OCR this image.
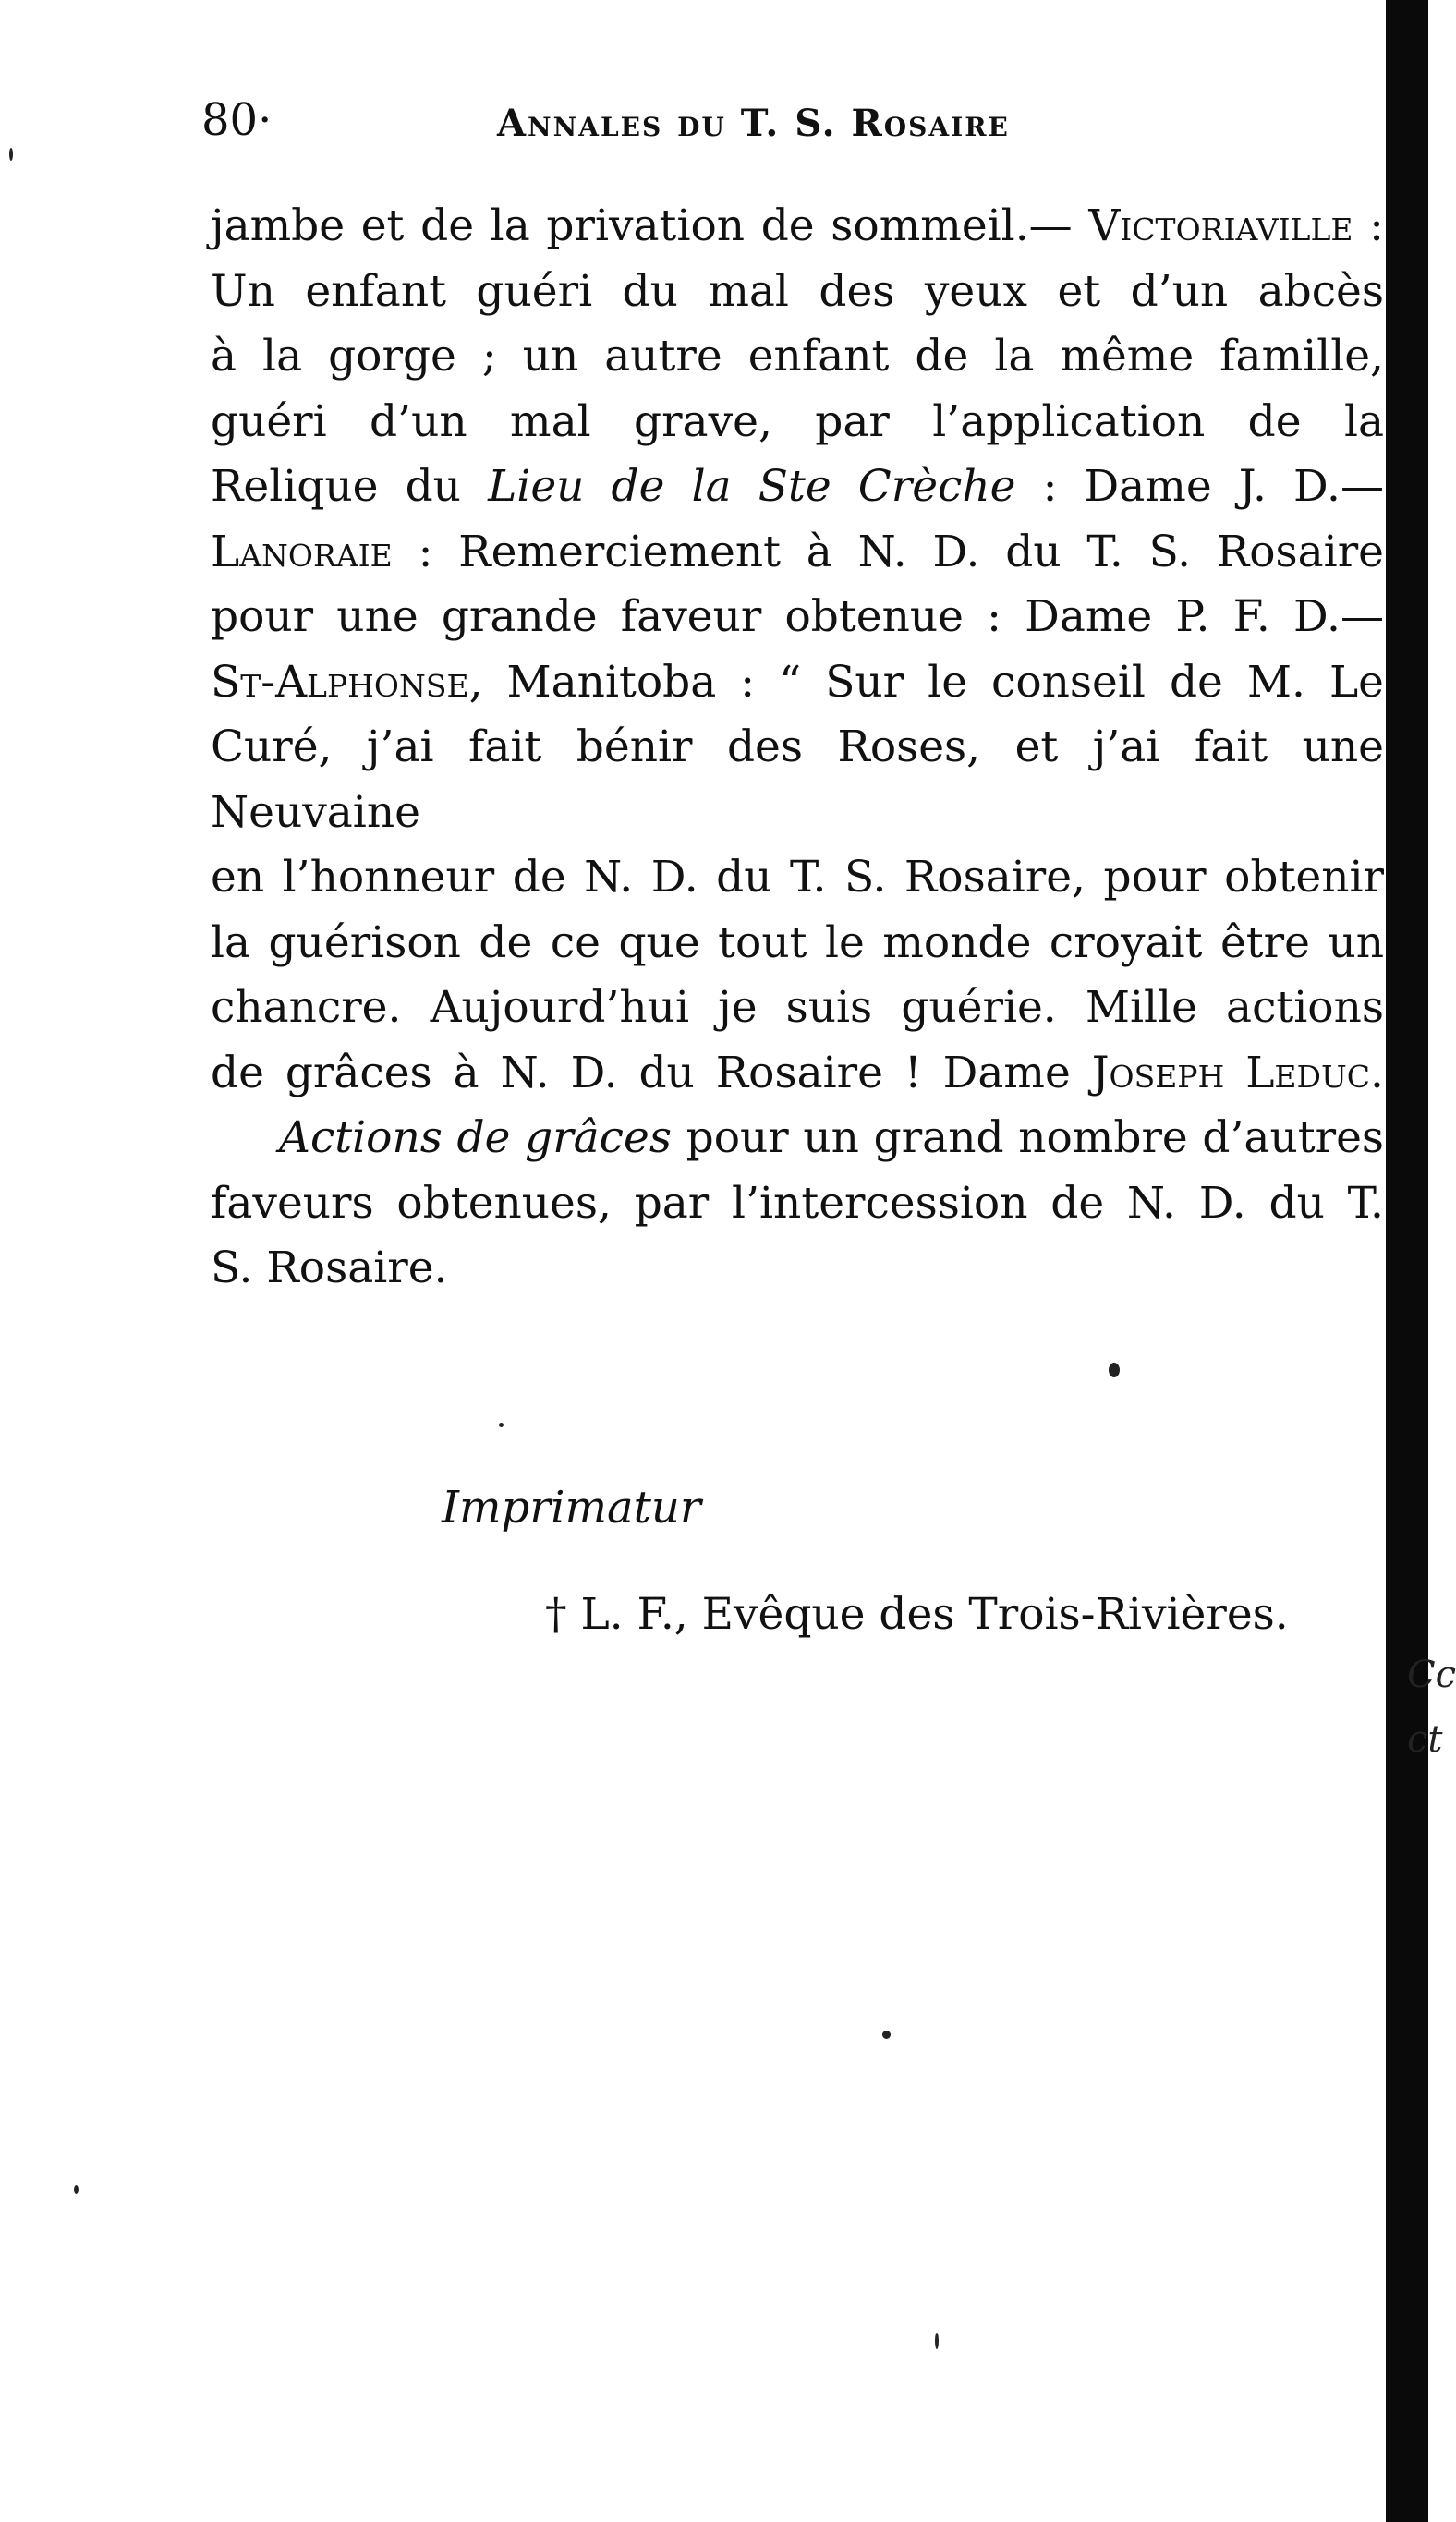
80·	Annales du T. S. Rosaire
jambe et de la privation de sommeil.— Victoriaville :
Un enfant guéri du mal des yeux et d’un abcès
à la gorge ; un autre enfant de la même famille,
guéri d’un mal grave, par l’application de la
Relique du Lieu de la Ste Crèche : Dame J. D.—
Lanoraie : Remerciement à N. D. du T. S. Rosaire
pour une grande faveur obtenue : Dame P. F. D.—
St-Alphonse, Manitoba : “ Sur le conseil de M. Le
Curé, j’ai fait bénir des Roses, et j’ai fait une Neuvaine
en l’honneur de N. D. du T. S. Rosaire, pour obtenir
la guérison de ce que tout le monde croyait être un
chancre. Aujourd’hui je suis guérie. Mille actions
de grâces à N. D. du Rosaire ! Dame Joseph Leduc.
Actions de grâces pour un grand nombre d’autres
faveurs obtenues, par l’intercession de N. D. du T.
S. Rosaire.
Imprimatur
† L. F., Evêque des Trois-Rivières.
Cc
ct
